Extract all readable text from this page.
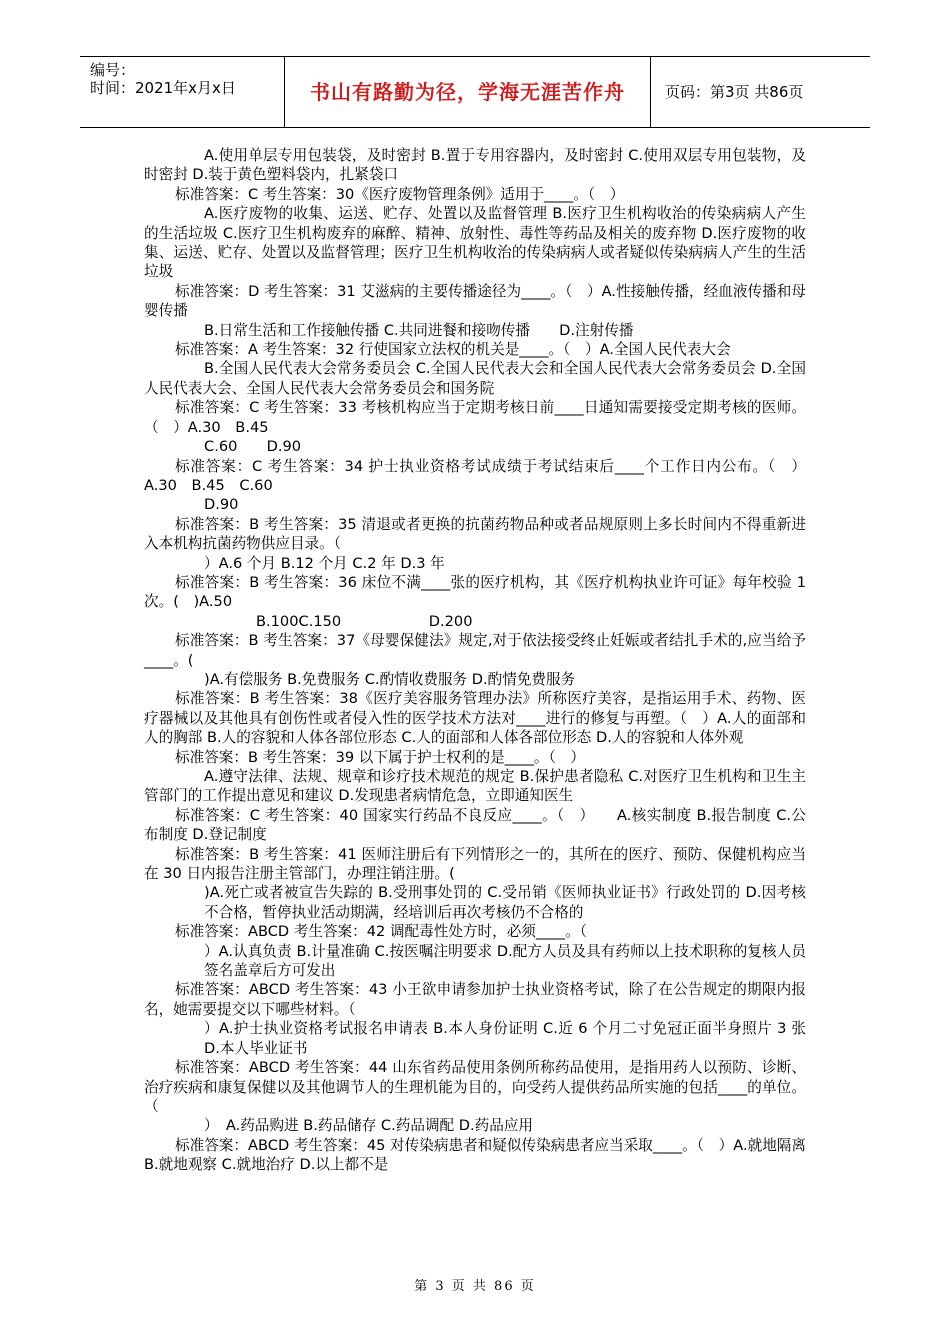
编号：
时间：2021年x月x日	书山有路勤为径，学海无涯苦作舟	页码：第3页 共86页

A.使用单层专用包装袋，及时密封 B.置于专用容器内，及时密封 C.使用双层专用包装物，及时密封 D.装于黄色塑料袋内，扎紧袋口

标准答案：C 考生答案：30《医疗废物管理条例》适用于____。（　）

A.医疗废物的收集、运送、贮存、处置以及监督管理 B.医疗卫生机构收治的传染病病人产生的生活垃圾 C.医疗卫生机构废弃的麻醉、精神、放射性、毒性等药品及相关的废弃物 D.医疗废物的收集、运送、贮存、处置以及监督管理；医疗卫生机构收治的传染病病人或者疑似传染病病人产生的生活垃圾

标准答案：D 考生答案：31 艾滋病的主要传播途径为____。（　）A.性接触传播，经血液传播和母婴传播

B.日常生活和工作接触传播 C.共同进餐和接吻传播　　D.注射传播

标准答案：A 考生答案：32 行使国家立法权的机关是____。（　）A.全国人民代表大会

B.全国人民代表大会常务委员会 C.全国人民代表大会和全国人民代表大会常务委员会 D.全国人民代表大会、全国人民代表大会常务委员会和国务院

标准答案：C 考生答案：33 考核机构应当于定期考核日前____日通知需要接受定期考核的医师。（　）A.30　B.45

C.60　　D.90

标准答案：C 考生答案：34 护士执业资格考试成绩于考试结束后____个工作日内公布。（　）A.30　B.45　C.60

D.90

标准答案：B 考生答案：35 清退或者更换的抗菌药物品种或者品规原则上多长时间内不得重新进入本机构抗菌药物供应目录。（

）A.6 个月 B.12 个月 C.2 年 D.3 年

标准答案：B 考生答案：36 床位不满____张的医疗机构，其《医疗机构执业许可证》每年校验 1 次。(　)A.50

B.100C.150　　　　　　D.200

标准答案：B 考生答案：37《母婴保健法》规定,对于依法接受终止妊娠或者结扎手术的,应当给予____。(

)A.有偿服务 B.免费服务 C.酌情收费服务 D.酌情免费服务

标准答案：B 考生答案：38《医疗美容服务管理办法》所称医疗美容，是指运用手术、药物、医疗器械以及其他具有创伤性或者侵入性的医学技术方法对____进行的修复与再塑。（　）A.人的面部和人的胸部 B.人的容貌和人体各部位形态 C.人的面部和人体各部位形态 D.人的容貌和人体外观

标准答案：B 考生答案：39 以下属于护士权利的是____。（　）

A.遵守法律、法规、规章和诊疗技术规范的规定 B.保护患者隐私 C.对医疗卫生机构和卫生主管部门的工作提出意见和建议 D.发现患者病情危急，立即通知医生

标准答案：C 考生答案：40 国家实行药品不良反应____。（　）　　A.核实制度 B.报告制度 C.公布制度 D.登记制度

标准答案：B 考生答案：41 医师注册后有下列情形之一的，其所在的医疗、预防、保健机构应当在 30 日内报告注册主管部门，办理注销注册。(

)A.死亡或者被宣告失踪的 B.受刑事处罚的 C.受吊销《医师执业证书》行政处罚的 D.因考核不合格，暂停执业活动期满，经培训后再次考核仍不合格的

标准答案：ABCD 考生答案：42 调配毒性处方时，必须____。（

）A.认真负责 B.计量准确 C.按医嘱注明要求 D.配方人员及具有药师以上技术职称的复核人员签名盖章后方可发出

标准答案：ABCD 考生答案：43 小王欲申请参加护士执业资格考试，除了在公告规定的期限内报名，她需要提交以下哪些材料。（

）A.护士执业资格考试报名申请表 B.本人身份证明 C.近 6 个月二寸免冠正面半身照片 3 张 D.本人毕业证书

标准答案：ABCD 考生答案：44 山东省药品使用条例所称药品使用，是指用药人以预防、诊断、治疗疾病和康复保健以及其他调节人的生理机能为目的，向受药人提供药品所实施的包括____的单位。（

）　A.药品购进 B.药品储存 C.药品调配 D.药品应用

标准答案：ABCD 考生答案：45 对传染病患者和疑似传染病患者应当采取____。（　）A.就地隔离 B.就地观察 C.就地治疗 D.以上都不是

第 3 页 共 86 页
